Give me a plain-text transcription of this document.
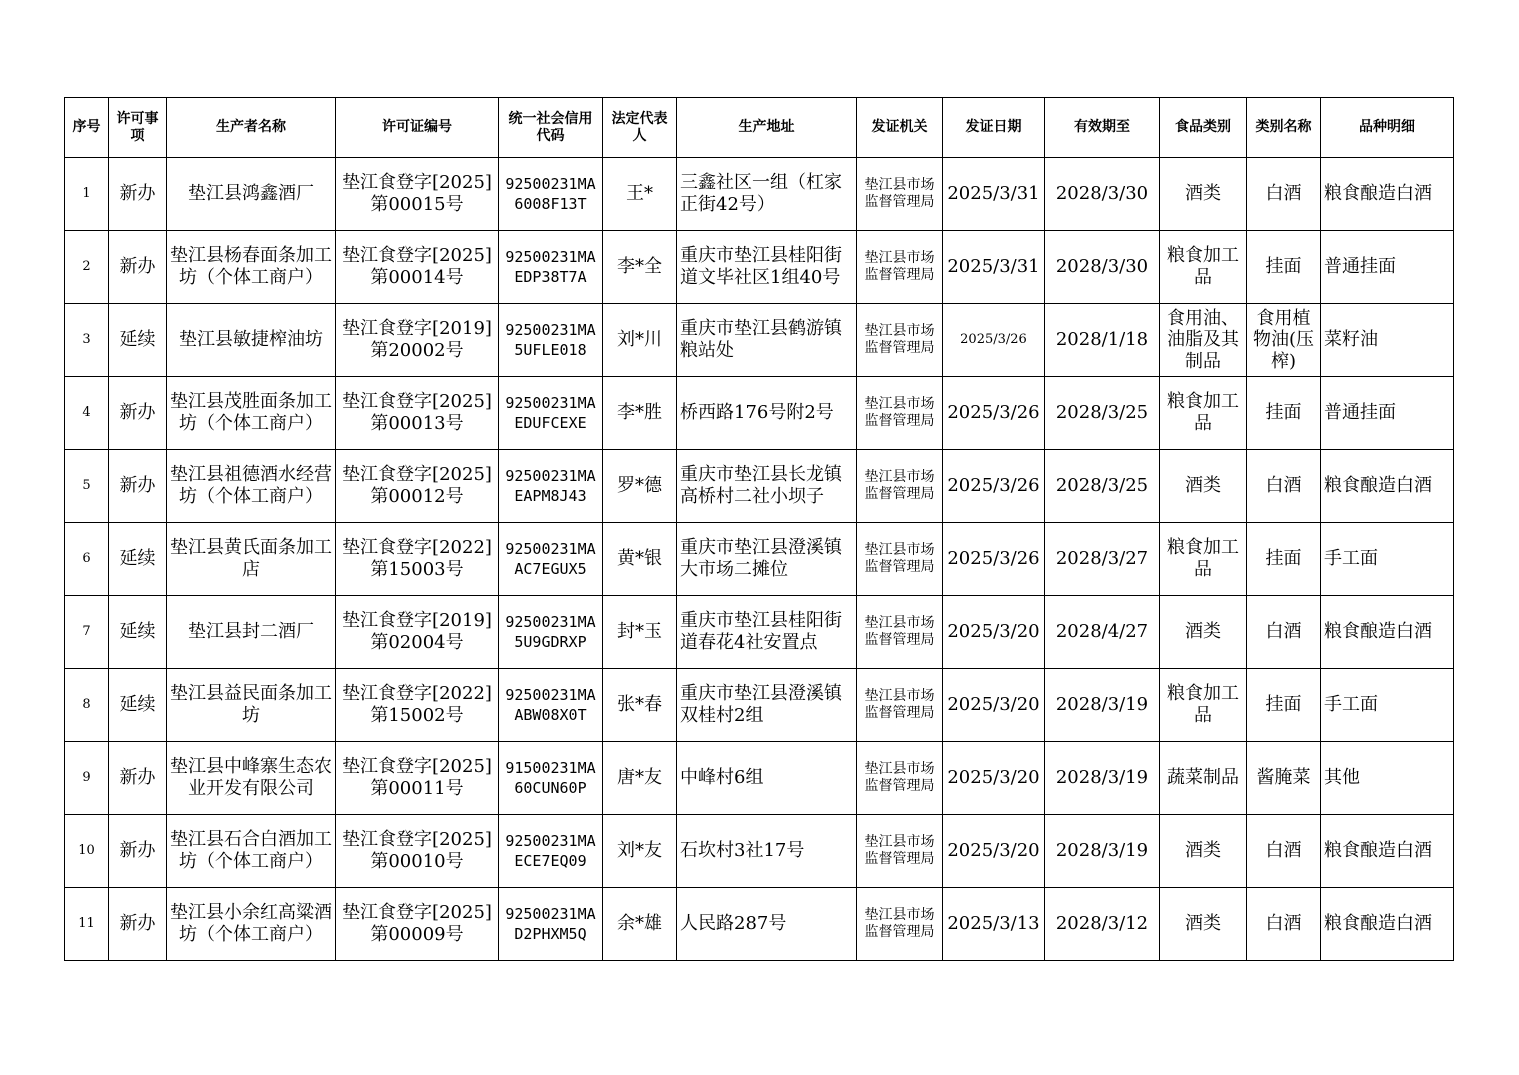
序号	许可事项	生产者名称	许可证编号	统一社会信用代码	法定代表人	生产地址	发证机关	发证日期	有效期至	食品类别	类别名称	品种明细
1	新办	垫江县鸿鑫酒厂	垫江食登字[2025]第00015号	92500231MA6008F13T	王*	三鑫社区一组（杠家正街42号）	垫江县市场监督管理局	2025/3/31	2028/3/30	酒类	白酒	粮食酿造白酒
2	新办	垫江县杨春面条加工坊（个体工商户）	垫江食登字[2025]第00014号	92500231MAEDP38T7A	李*全	重庆市垫江县桂阳街道文毕社区1组40号	垫江县市场监督管理局	2025/3/31	2028/3/30	粮食加工品	挂面	普通挂面
3	延续	垫江县敏捷榨油坊	垫江食登字[2019]第20002号	92500231MA5UFLE018	刘*川	重庆市垫江县鹤游镇粮站处	垫江县市场监督管理局	2025/3/26	2028/1/18	食用油、油脂及其制品	食用植物油(压榨)	菜籽油
4	新办	垫江县茂胜面条加工坊（个体工商户）	垫江食登字[2025]第00013号	92500231MAEDUFCEXE	李*胜	桥西路176号附2号	垫江县市场监督管理局	2025/3/26	2028/3/25	粮食加工品	挂面	普通挂面
5	新办	垫江县祖德酒水经营坊（个体工商户）	垫江食登字[2025]第00012号	92500231MAEAPM8J43	罗*德	重庆市垫江县长龙镇高桥村二社小坝子	垫江县市场监督管理局	2025/3/26	2028/3/25	酒类	白酒	粮食酿造白酒
6	延续	垫江县黄氏面条加工店	垫江食登字[2022]第15003号	92500231MAAC7EGUX5	黄*银	重庆市垫江县澄溪镇大市场二摊位	垫江县市场监督管理局	2025/3/26	2028/3/27	粮食加工品	挂面	手工面
7	延续	垫江县封二酒厂	垫江食登字[2019]第02004号	92500231MA5U9GDRXP	封*玉	重庆市垫江县桂阳街道春花4社安置点	垫江县市场监督管理局	2025/3/20	2028/4/27	酒类	白酒	粮食酿造白酒
8	延续	垫江县益民面条加工坊	垫江食登字[2022]第15002号	92500231MAABW08X0T	张*春	重庆市垫江县澄溪镇双桂村2组	垫江县市场监督管理局	2025/3/20	2028/3/19	粮食加工品	挂面	手工面
9	新办	垫江县中峰寨生态农业开发有限公司	垫江食登字[2025]第00011号	91500231MA60CUN60P	唐*友	中峰村6组	垫江县市场监督管理局	2025/3/20	2028/3/19	蔬菜制品	酱腌菜	其他
10	新办	垫江县石合白酒加工坊（个体工商户）	垫江食登字[2025]第00010号	92500231MAECE7EQ09	刘*友	石坎村3社17号	垫江县市场监督管理局	2025/3/20	2028/3/19	酒类	白酒	粮食酿造白酒
11	新办	垫江县小余红高粱酒坊（个体工商户）	垫江食登字[2025]第00009号	92500231MAD2PHXM5Q	余*雄	人民路287号	垫江县市场监督管理局	2025/3/13	2028/3/12	酒类	白酒	粮食酿造白酒
